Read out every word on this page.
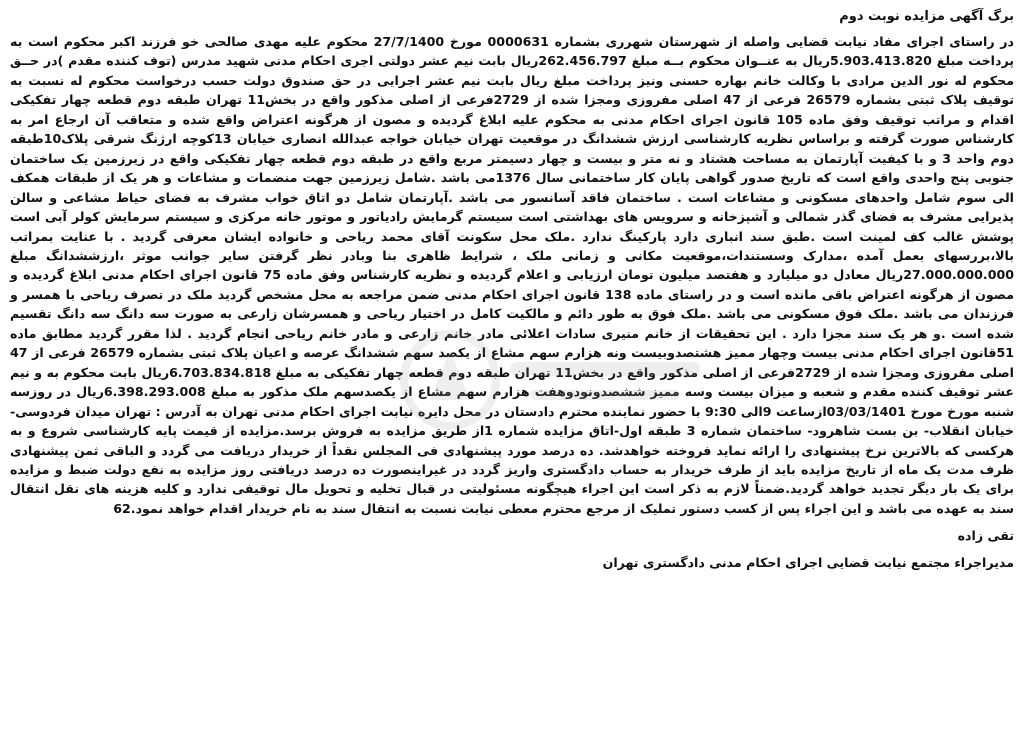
برگ آگهی مزایده نوبت دوم

در راستای اجرای مفاد نیابت قضایی واصله از شهرستان شهرری بشماره 0000631 مورخ 27/7/1400 محکوم علیه مهدی صالحی خو فرزند اکبر محکوم است به پرداخت مبلغ 5.903.413.820ریال به عنــوان محکوم بــه مبلغ 262.456.797ریال بابت نیم عشر دولتی اجری احکام مدنی شهید مدرس (توف کننده مقدم )در حــق محکوم له نور الدین مرادی با وکالت خانم بهاره حسنی ونیز پرداخت مبلغ ریال بابت نیم عشر اجرایی در حق صندوق دولت حسب درخواست محکوم له نسبت به توقیف پلاک ثبتی بشماره 26579 فرعی از 47 اصلی مفروزی ومجزا شده از 2729فرعی از اصلی مذکور واقع در بخش11 تهران طبقه دوم قطعه چهار تفکیکی اقدام و مراتب توقیف وفق ماده 105 قانون اجرای احکام مدنی به محکوم علیه ابلاغ گردیده و مصون از هرگونه اعتراض واقع شده و متعاقب آن ارجاع امر به کارشناس صورت گرفته و براساس نظریه کارشناسی ارزش ششدانگ در موقعیت تهران خیابان خواجه عبدالله انصاری خیابان 13کوچه ارژنگ شرقی پلاک10طبقه دوم واحد 3 و با کیفیت آپارتمان به مساحت هشتاد و نه متر و بیست و چهار دسیمتر مربع واقع در طبقه دوم قطعه چهار تفکیکی واقع در زیرزمین یک ساختمان جنوبی پنج واحدی واقع است که تاریخ صدور گواهی پایان کار ساختمانی سال 1376می باشد .شامل زیرزمین جهت منضمات و مشاعات و هر یک از طبقات همکف الی سوم شامل واحدهای مسکونی و مشاعات است . ساختمان فاقد آسانسور می باشد .آپارتمان شامل دو اتاق خواب مشرف به فضای حیاط مشاعی و سالن پذیرایی مشرف به فضای گذر شمالی و آشپزخانه و سرویس های بهداشتی است سیستم گرمایش رادیاتور و موتور خانه مرکزی و سیستم سرمایش کولر آبی است پوشش غالب کف لمینت است .طبق سند انباری دارد پارکینگ ندارد .ملک محل سکونت آقای محمد ریاحی و خانواده ایشان معرفی گردید . با عنایت بمراتب بالا،بررسهای بعمل آمده ،مدارک وسستندات،موقعیت مکانی و زمانی ملک ، شرایط ظاهری بنا وبادر نظر گرفتن سایر جوانب موثر ،ارزششدانگ مبلغ 27.000.000.000ریال معادل دو میلیارد و هفتصد میلیون تومان ارزیابی و اعلام گردیده و نظریه کارشناس وفق ماده 75 قانون اجرای احکام مدنی ابلاغ گردیده و مصون از هرگونه اعتراض باقی مانده است و در راستای ماده 138 قانون اجرای احکام مدنی ضمن مراجعه به محل مشخص گردید ملک در تصرف ریاحی با همسر و فرزندان می باشد .ملک فوق مسکونی می باشد .ملک فوق به طور دائم و مالکیت کامل در اختیار ریاحی و همسرشان زارعی به صورت سه دانگ سه دانگ تقسیم شده است .و هر یک سند مجزا دارد . این تحقیقات از خانم منیری سادات اعلائی مادر خانم زارعی و مادر خانم ریاحی انجام گردید . لذا مقرر گردید مطابق ماده 51قانون اجرای احکام مدنی بیست وچهار ممیز هشتصدوبیست ونه هزارم سهم مشاع از یکصد سهم ششدانگ عرصه و اعیان پلاک ثبتی بشماره 26579 فرعی از 47 اصلی مفروزی ومجزا شده از 2729فرعی از اصلی مذکور واقع در بخش11 تهران طبقه دوم قطعه چهار تفکیکی به مبلغ 6.703.834.818ریال بابت محکوم به و نیم عشر توقیف کننده مقدم و شعبه و میزان بیست وسه ممیز ششصدونودوهفت هزارم سهم مشاع از یکصدسهم ملک مذکور به مبلغ 6.398.293.008ریال در روزسه شنبه مورخ مورخ 03/03/1401ازساعت 9الی 9:30 با حضور نماینده محترم دادستان در محل دایره نیابت اجرای احکام مدنی تهران به آدرس : تهران میدان فردوسی- خیابان انقلاب- بن بست شاهرود- ساختمان شماره 3 طبقه اول-اتاق مزایده شماره 1از طریق مزایده به فروش برسد.مزایده از قیمت پایه کارشناسی شروع و به هرکسی که بالاترین نرخ پیشنهادی را ارائه نماید فروخته خواهدشد. ده درصد مورد پیشنهادی فی المجلس نقداً از خریدار دریافت می گردد و الباقی ثمن پیشنهادی ظرف مدت یک ماه از تاریخ مزایده باید از طرف خریدار به حساب دادگستری واریز گردد در غیراینصورت ده درصد دریافتی روز مزایده به نفع دولت ضبط و مزایده برای یک بار دیگر تجدید خواهد گردید.ضمناً لازم به ذکر است این اجراء هیچگونه مسئولیتی در قبال تخلیه و تحویل مال توقیفی ندارد و کلیه هزینه های نقل انتقال سند به عهده می باشد و این اجراء پس از کسب دستور تملیک از مرجع محترم معطی نیابت نسبت به انتقال سند به نام خریدار اقدام خواهد نمود.62

تقی زاده
مدیراجراء مجتمع نیابت قضایی اجرای احکام مدنی دادگستری تهران
